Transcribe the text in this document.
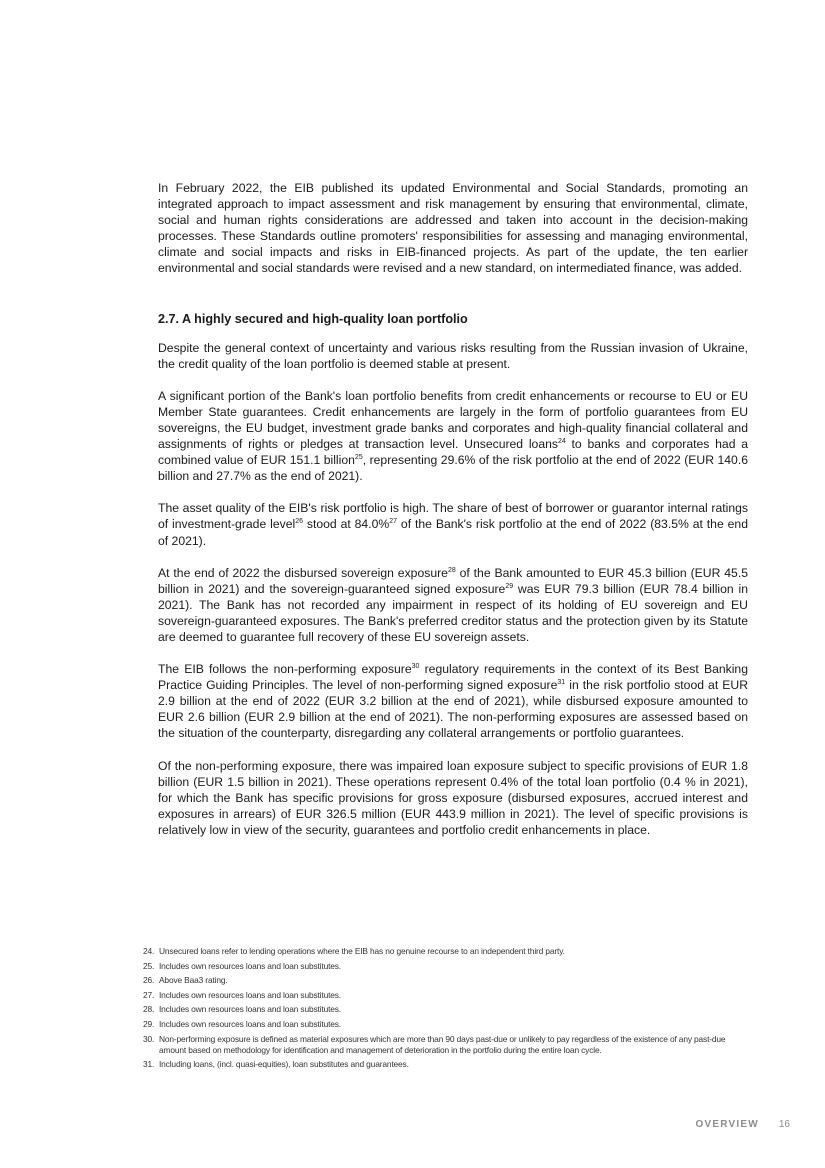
In February 2022, the EIB published its updated Environmental and Social Standards, promoting an integrated approach to impact assessment and risk management by ensuring that environmental, climate, social and human rights considerations are addressed and taken into account in the decision-making processes. These Standards outline promoters' responsibilities for assessing and managing environmental, climate and social impacts and risks in EIB-financed projects. As part of the update, the ten earlier environmental and social standards were revised and a new standard, on intermediated finance, was added.

2.7. A highly secured and high-quality loan portfolio

Despite the general context of uncertainty and various risks resulting from the Russian invasion of Ukraine, the credit quality of the loan portfolio is deemed stable at present.

A significant portion of the Bank's loan portfolio benefits from credit enhancements or recourse to EU or EU Member State guarantees. Credit enhancements are largely in the form of portfolio guarantees from EU sovereigns, the EU budget, investment grade banks and corporates and high-quality financial collateral and assignments of rights or pledges at transaction level. Unsecured loans$^{24}$ to banks and corporates had a combined value of EUR 151.1 billion$^{25}$, representing 29.6% of the risk portfolio at the end of 2022 (EUR 140.6 billion and 27.7% as the end of 2021).

The asset quality of the EIB's risk portfolio is high. The share of best of borrower or guarantor internal ratings of investment-grade level$^{26}$ stood at 84.0%$^{27}$ of the Bank's risk portfolio at the end of 2022 (83.5% at the end of 2021).

At the end of 2022 the disbursed sovereign exposure$^{28}$ of the Bank amounted to EUR 45.3 billion (EUR 45.5 billion in 2021) and the sovereign-guaranteed signed exposure$^{29}$ was EUR 79.3 billion (EUR 78.4 billion in 2021). The Bank has not recorded any impairment in respect of its holding of EU sovereign and EU sovereign-guaranteed exposures. The Bank's preferred creditor status and the protection given by its Statute are deemed to guarantee full recovery of these EU sovereign assets.

The EIB follows the non-performing exposure$^{30}$ regulatory requirements in the context of its Best Banking Practice Guiding Principles. The level of non-performing signed exposure$^{31}$ in the risk portfolio stood at EUR 2.9 billion at the end of 2022 (EUR 3.2 billion at the end of 2021), while disbursed exposure amounted to EUR 2.6 billion (EUR 2.9 billion at the end of 2021). The non-performing exposures are assessed based on the situation of the counterparty, disregarding any collateral arrangements or portfolio guarantees.

Of the non-performing exposure, there was impaired loan exposure subject to specific provisions of EUR 1.8 billion (EUR 1.5 billion in 2021). These operations represent 0.4% of the total loan portfolio (0.4 % in 2021), for which the Bank has specific provisions for gross exposure (disbursed exposures, accrued interest and exposures in arrears) of EUR 326.5 million (EUR 443.9 million in 2021). The level of specific provisions is relatively low in view of the security, guarantees and portfolio credit enhancements in place.

24. Unsecured loans refer to lending operations where the EIB has no genuine recourse to an independent third party.
25. Includes own resources loans and loan substitutes.
26. Above Baa3 rating.
27. Includes own resources loans and loan substitutes.
28. Includes own resources loans and loan substitutes.
29. Includes own resources loans and loan substitutes.
30. Non-performing exposure is defined as material exposures which are more than 90 days past-due or unlikely to pay regardless of the existence of any past-due amount based on methodology for identification and management of deterioration in the portfolio during the entire loan cycle.
31. Including loans, (incl. quasi-equities), loan substitutes and guarantees.
OVERVIEW 16
